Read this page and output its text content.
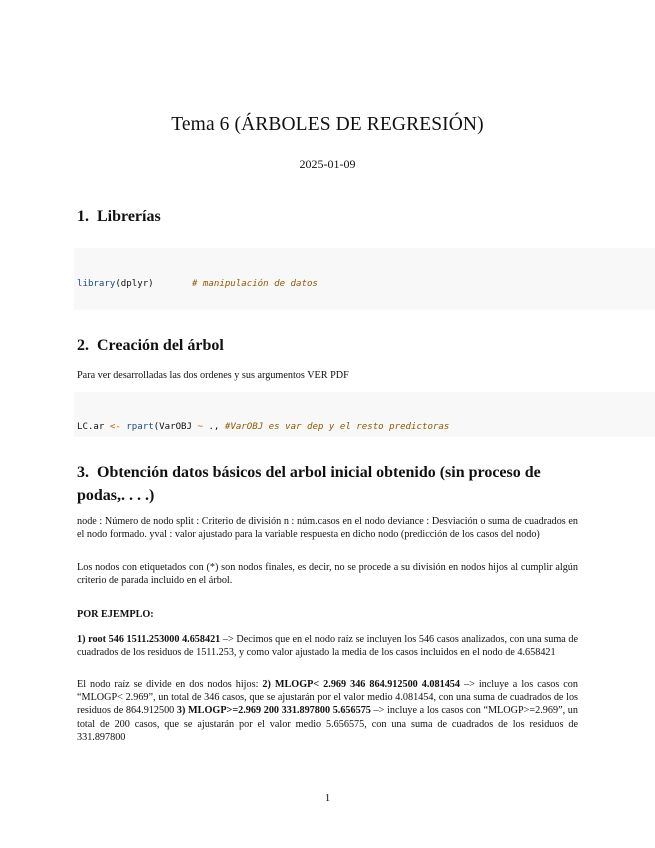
Tema 6 (ÁRBOLES DE REGRESIÓN)
2025-01-09
1. Librerías

library(dplyr)	# manipulación de datos

2. Creación del árbol

Para ver desarrolladas las dos ordenes y sus argumentos VER PDF

LC.ar <- rpart(VarOBJ ~ ., #VarOBJ es var dep y el resto predictoras

3. Obtención datos básicos del arbol inicial obtenido (sin proceso de podas,. . . .)

node : Número de nodo split : Criterio de división n : núm.casos en el nodo deviance : Desviación o suma de cuadrados en el nodo formado. yval : valor ajustado para la variable respuesta en dicho nodo (predicción de los casos del nodo)

Los nodos con etiquetados con (*) son nodos finales, es decir, no se procede a su división en nodos hijos al cumplir algún criterio de parada incluido en el árbol.

POR EJEMPLO:

1) root 546 1511.253000 4.658421 –> Decimos que en el nodo raíz se incluyen los 546 casos analizados, con una suma de cuadrados de los residuos de 1511.253, y como valor ajustado la media de los casos incluidos en el nodo de 4.658421

El nodo raíz se divide en dos nodos hijos: 2) MLOGP< 2.969 346 864.912500 4.081454 –> incluye a los casos con “MLOGP< 2.969”, un total de 346 casos, que se ajustarán por el valor medio 4.081454, con una suma de cuadrados de los residuos de 864.912500 3) MLOGP>=2.969 200 331.897800 5.656575 –> incluye a los casos con “MLOGP>=2.969”, un total de 200 casos, que se ajustarán por el valor medio 5.656575, con una suma de cuadrados de los residuos de 331.897800

1
